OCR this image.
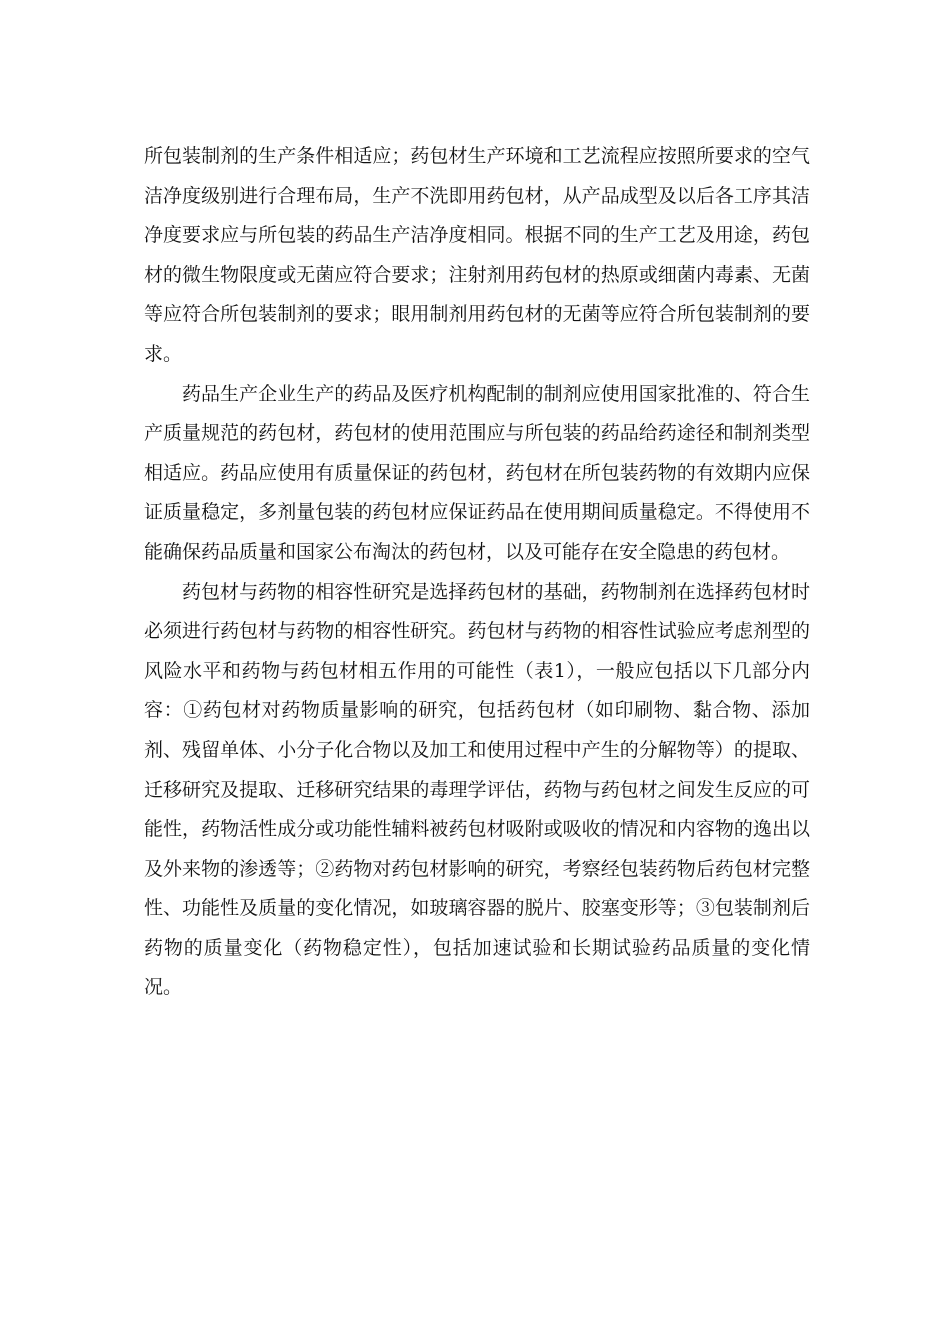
所包装制剂的生产条件相适应；药包材生产环境和工艺流程应按照所要求的空气洁净度级别进行合理布局，生产不洗即用药包材，从产品成型及以后各工序其洁净度要求应与所包装的药品生产洁净度相同。根据不同的生产工艺及用途，药包材的微生物限度或无菌应符合要求；注射剂用药包材的热原或细菌内毒素、无菌等应符合所包装制剂的要求；眼用制剂用药包材的无菌等应符合所包装制剂的要求。

药品生产企业生产的药品及医疗机构配制的制剂应使用国家批准的、符合生产质量规范的药包材，药包材的使用范围应与所包装的药品给药途径和制剂类型相适应。药品应使用有质量保证的药包材，药包材在所包装药物的有效期内应保证质量稳定，多剂量包装的药包材应保证药品在使用期间质量稳定。不得使用不能确保药品质量和国家公布淘汰的药包材，以及可能存在安全隐患的药包材。

药包材与药物的相容性研究是选择药包材的基础，药物制剂在选择药包材时必须进行药包材与药物的相容性研究。药包材与药物的相容性试验应考虑剂型的风险水平和药物与药包材相五作用的可能性（表1），一般应包括以下几部分内容：①药包材对药物质量影响的研究，包括药包材（如印刷物、黏合物、添加剂、残留单体、小分子化合物以及加工和使用过程中产生的分解物等）的提取、迁移研究及提取、迁移研究结果的毒理学评估，药物与药包材之间发生反应的可能性，药物活性成分或功能性辅料被药包材吸附或吸收的情况和内容物的逸出以及外来物的渗透等；②药物对药包材影响的研究，考察经包装药物后药包材完整性、功能性及质量的变化情况，如玻璃容器的脱片、胶塞变形等；③包装制剂后药物的质量变化（药物稳定性），包括加速试验和长期试验药品质量的变化情况。
